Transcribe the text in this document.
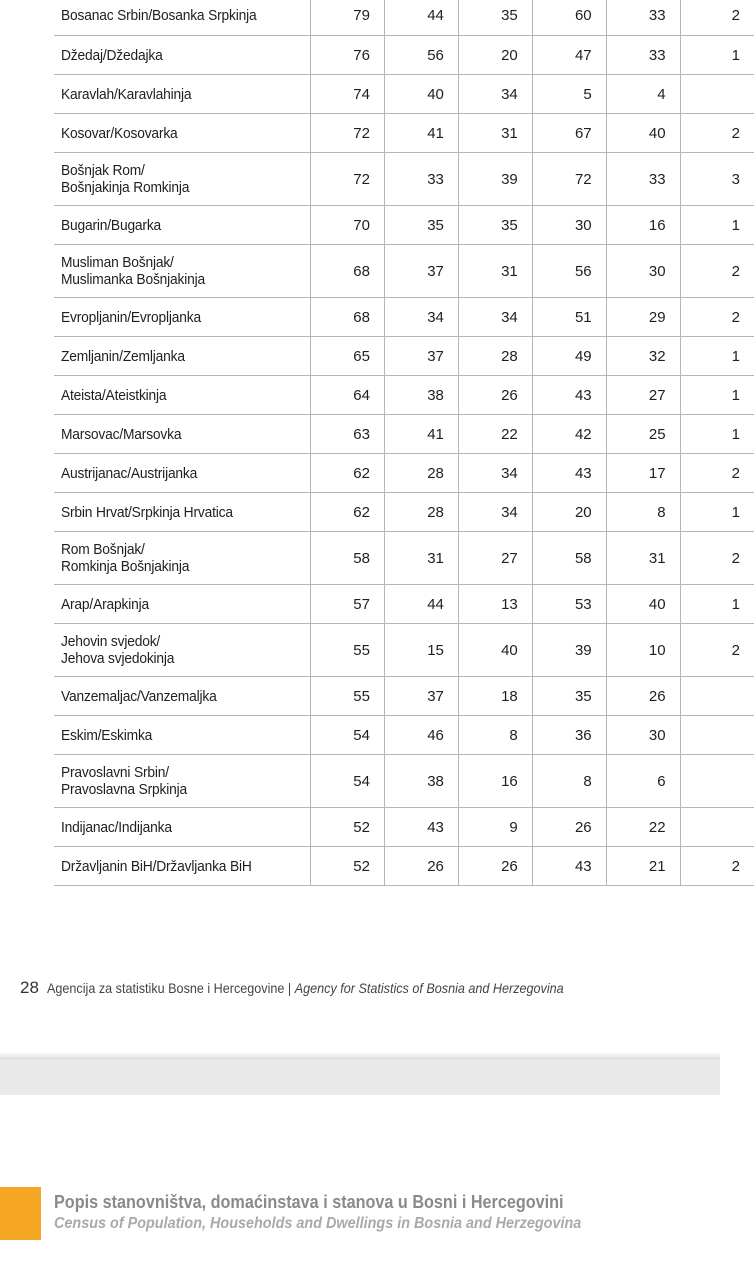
Bosanac Srbin/Bosanka Srpkinja	79	44	35	60	33	2
Džedaj/Džedajka	76	56	20	47	33	1
Karavlah/Karavlahinja	74	40	34	5	4	
Kosovar/Kosovarka	72	41	31	67	40	2
Bošnjak Rom/
Bošnjakinja Romkinja	72	33	39	72	33	3
Bugarin/Bugarka	70	35	35	30	16	1
Musliman Bošnjak/
Muslimanka Bošnjakinja	68	37	31	56	30	2
Evropljanin/Evropljanka	68	34	34	51	29	2
Zemljanin/Zemljanka	65	37	28	49	32	1
Ateista/Ateistkinja	64	38	26	43	27	1
Marsovac/Marsovka	63	41	22	42	25	1
Austrijanac/Austrijanka	62	28	34	43	17	2
Srbin Hrvat/Srpkinja Hrvatica	62	28	34	20	8	1
Rom Bošnjak/
Romkinja Bošnjakinja	58	31	27	58	31	2
Arap/Arapkinja	57	44	13	53	40	1
Jehovin svjedok/
Jehova svjedokinja	55	15	40	39	10	2
Vanzemaljac/Vanzemaljka	55	37	18	35	26	
Eskim/Eskimka	54	46	8	36	30	
Pravoslavni Srbin/
Pravoslavna Srpkinja	54	38	16	8	6	
Indijanac/Indijanka	52	43	9	26	22	
Državljanin BiH/Državljanka BiH	52	26	26	43	21	2
28 Agencija za statistiku Bosne i Hercegovine | Agency for Statistics of Bosnia and Herzegovina
Popis stanovništva, domaćinstava i stanova u Bosni i Hercegovini
Census of Population, Households and Dwellings in Bosnia and Herzegovina
